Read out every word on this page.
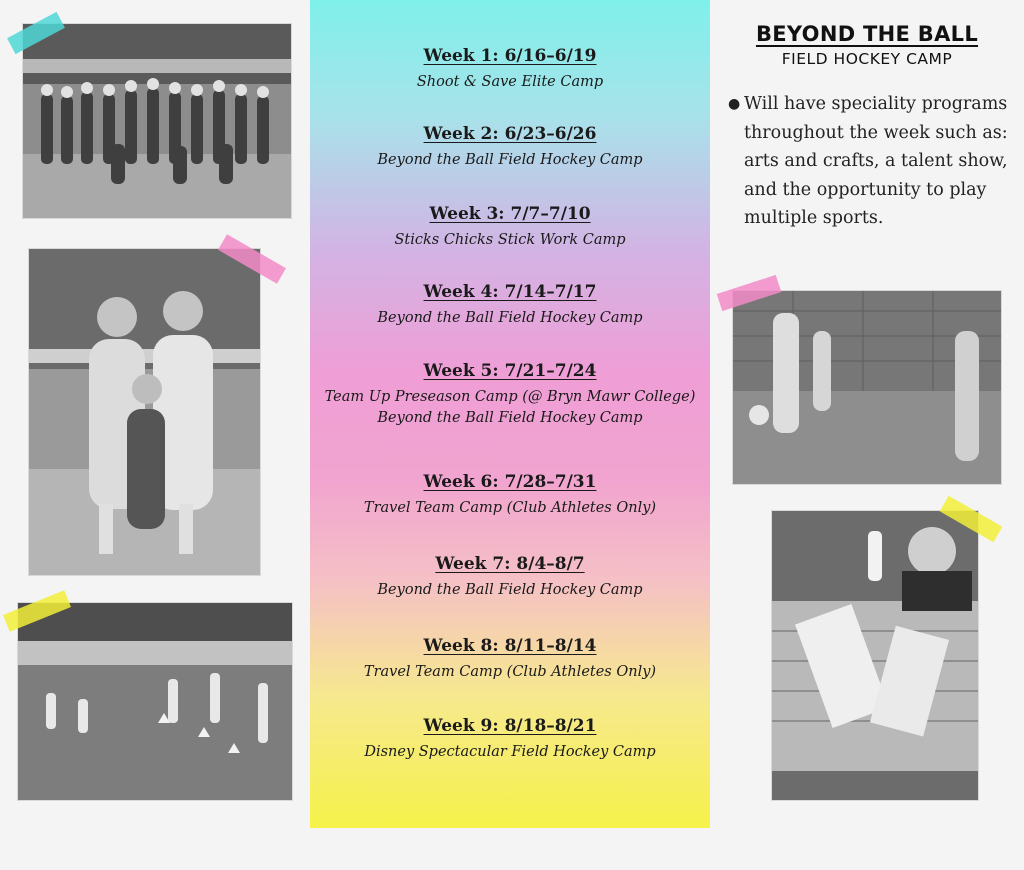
Week 1: 6/16–6/19
Shoot & Save Elite Camp
Week 2: 6/23–6/26
Beyond the Ball Field Hockey Camp
Week 3: 7/7–7/10
Sticks Chicks Stick Work Camp
Week 4: 7/14–7/17
Beyond the Ball Field Hockey Camp
Week 5: 7/21–7/24
Team Up Preseason Camp (@ Bryn Mawr College)
Beyond the Ball Field Hockey Camp
Week 6: 7/28–7/31
Travel Team Camp (Club Athletes Only)
Week 7: 8/4–8/7
Beyond the Ball Field Hockey Camp
Week 8: 8/11–8/14
Travel Team Camp (Club Athletes Only)
Week 9: 8/18–8/21
Disney Spectacular Field Hockey Camp
BEYOND THE BALL
FIELD HOCKEY CAMP
● Will have speciality programs throughout the week such as: arts and crafts, a talent show, and the opportunity to play multiple sports.
